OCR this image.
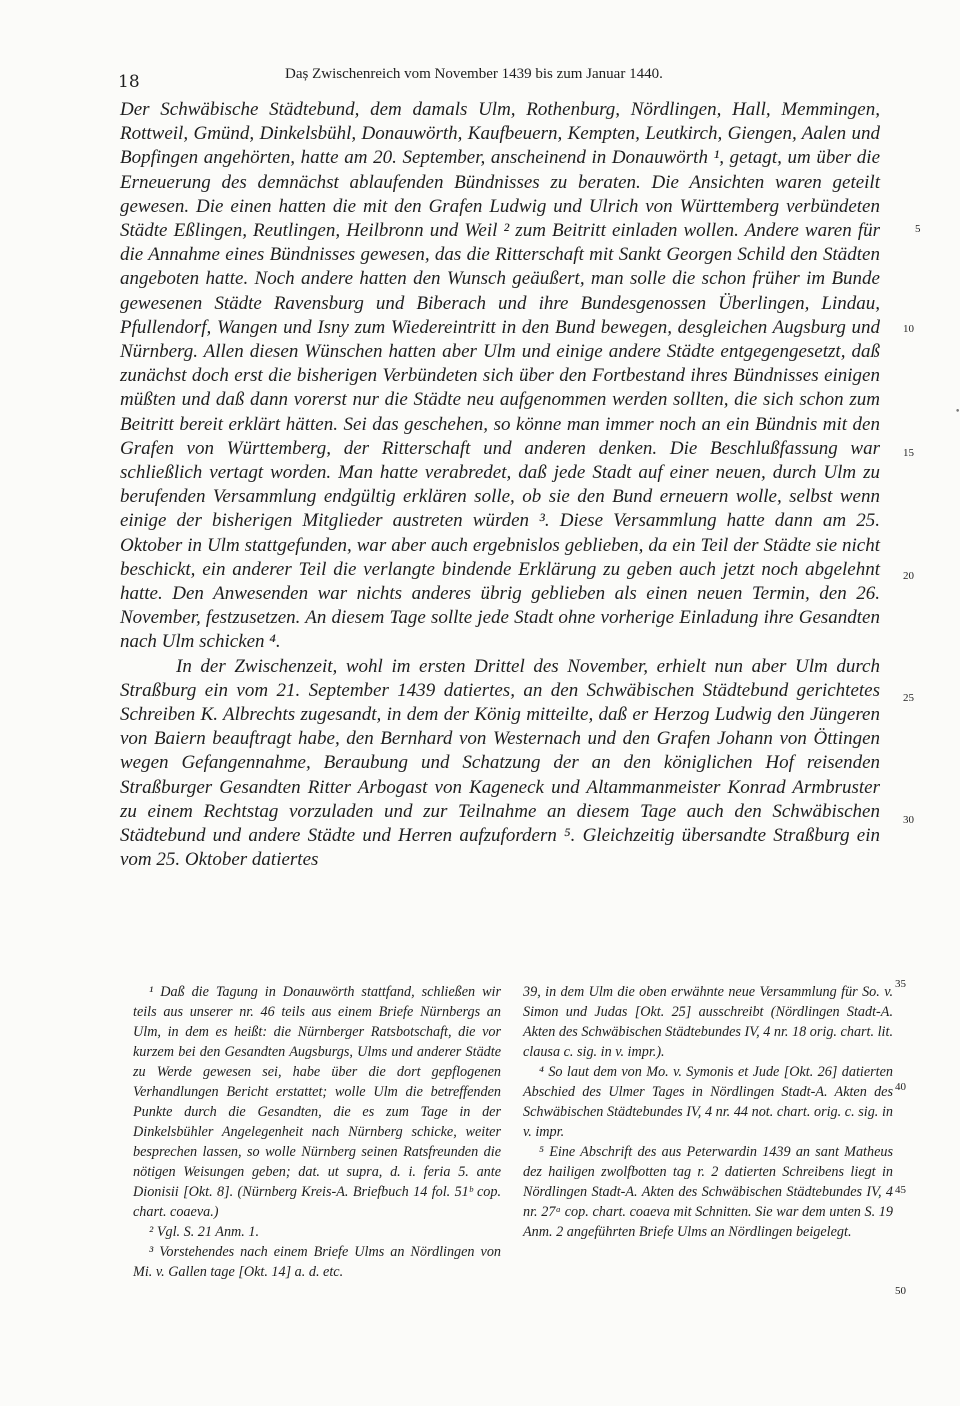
18	Daș Zwischenreich vom November 1439 bis zum Januar 1440.

Der Schwäbische Städtebund, dem damals Ulm, Rothenburg, Nördlingen, Hall, Memmingen, Rottweil, Gmünd, Dinkelsbühl, Donauwörth, Kaufbeuern, Kempten, Leutkirch, Giengen, Aalen und Bopfingen angehörten, hatte am 20. September, anscheinend in Donauwörth ¹, getagt, um über die Erneuerung des demnächst ablaufenden Bündnisses zu beraten. Die Ansichten waren geteilt gewesen. Die einen hatten die mit den Grafen Ludwig und Ulrich von Württemberg verbündeten Städte Eßlingen, Reutlingen, Heilbronn und Weil ² zum Beitritt einladen wollen. Andere waren für die Annahme eines Bündnisses gewesen, das die Ritterschaft mit Sankt Georgen Schild den Städten angeboten hatte. Noch andere hatten den Wunsch geäußert, man solle die schon früher im Bunde gewesenen Städte Ravensburg und Biberach und ihre Bundesgenossen Überlingen, Lindau, Pfullendorf, Wangen und Isny zum Wiedereintritt in den Bund bewegen, desgleichen Augsburg und Nürnberg. Allen diesen Wünschen hatten aber Ulm und einige andere Städte entgegengesetzt, daß zunächst doch erst die bisherigen Verbündeten sich über den Fortbestand ihres Bündnisses einigen müßten und daß dann vorerst nur die Städte neu aufgenommen werden sollten, die sich schon zum Beitritt bereit erklärt hätten. Sei das geschehen, so könne man immer noch an ein Bündnis mit den Grafen von Württemberg, der Ritterschaft und anderen denken. Die Beschlußfassung war schließlich vertagt worden. Man hatte verabredet, daß jede Stadt auf einer neuen, durch Ulm zu berufenden Versammlung endgültig erklären solle, ob sie den Bund erneuern wolle, selbst wenn einige der bisherigen Mitglieder austreten würden ³. Diese Versammlung hatte dann am 25. Oktober in Ulm stattgefunden, war aber auch ergebnislos geblieben, da ein Teil der Städte sie nicht beschickt, ein anderer Teil die verlangte bindende Erklärung zu geben auch jetzt noch abgelehnt hatte. Den Anwesenden war nichts anderes übrig geblieben als einen neuen Termin, den 26. November, festzusetzen. An diesem Tage sollte jede Stadt ohne vorherige Einladung ihre Gesandten nach Ulm schicken ⁴.

In der Zwischenzeit, wohl im ersten Drittel des November, erhielt nun aber Ulm durch Straßburg ein vom 21. September 1439 datiertes, an den Schwäbischen Städtebund gerichtetes Schreiben K. Albrechts zugesandt, in dem der König mitteilte, daß er Herzog Ludwig den Jüngeren von Baiern beauftragt habe, den Bernhard von Westernach und den Grafen Johann von Öttingen wegen Gefangennahme, Beraubung und Schatzung der an den königlichen Hof reisenden Straßburger Gesandten Ritter Arbogast von Kageneck und Altammanmeister Konrad Armbruster zu einem Rechtstag vorzuladen und zur Teilnahme an diesem Tage auch den Schwäbischen Städtebund und andere Städte und Herren aufzufordern ⁵. Gleichzeitig übersandte Straßburg ein vom 25. Oktober datiertes

5
10
15
20
25
30
•

¹ Daß die Tagung in Donauwörth stattfand, schließen wir teils aus unserer nr. 46 teils aus einem Briefe Nürnbergs an Ulm, in dem es heißt: die Nürnberger Ratsbotschaft, die vor kurzem bei den Gesandten Augsburgs, Ulms und anderer Städte zu Werde gewesen sei, habe über die dort gepflogenen Verhandlungen Bericht erstattet; wolle Ulm die betreffenden Punkte durch die Gesandten, die es zum Tage in der Dinkelsbühler Angelegenheit nach Nürnberg schicke, weiter besprechen lassen, so wolle Nürnberg seinen Ratsfreunden die nötigen Weisungen geben; dat. ut supra, d. i. feria 5. ante Dionisii [Okt. 8]. (Nürnberg Kreis-A. Briefbuch 14 fol. 51ᵇ cop. chart. coaeva.)

² Vgl. S. 21 Anm. 1.

³ Vorstehendes nach einem Briefe Ulms an Nördlingen von Mi. v. Gallen tage [Okt. 14] a. d. etc.

39, in dem Ulm die oben erwähnte neue Versammlung für So. v. Simon und Judas [Okt. 25] ausschreibt (Nördlingen Stadt-A. Akten des Schwäbischen Städtebundes IV, 4 nr. 18 orig. chart. lit. clausa c. sig. in v. impr.).

⁴ So laut dem von Mo. v. Symonis et Jude [Okt. 26] datierten Abschied des Ulmer Tages in Nördlingen Stadt-A. Akten des Schwäbischen Städtebundes IV, 4 nr. 44 not. chart. orig. c. sig. in v. impr.

⁵ Eine Abschrift des aus Peterwardin 1439 an sant Matheus dez hailigen zwolfbotten tag r. 2 datierten Schreibens liegt in Nördlingen Stadt-A. Akten des Schwäbischen Städtebundes IV, 4 nr. 27ᵃ cop. chart. coaeva mit Schnitten. Sie war dem unten S. 19 Anm. 2 angeführten Briefe Ulms an Nördlingen beigelegt.

35
40
45
50
